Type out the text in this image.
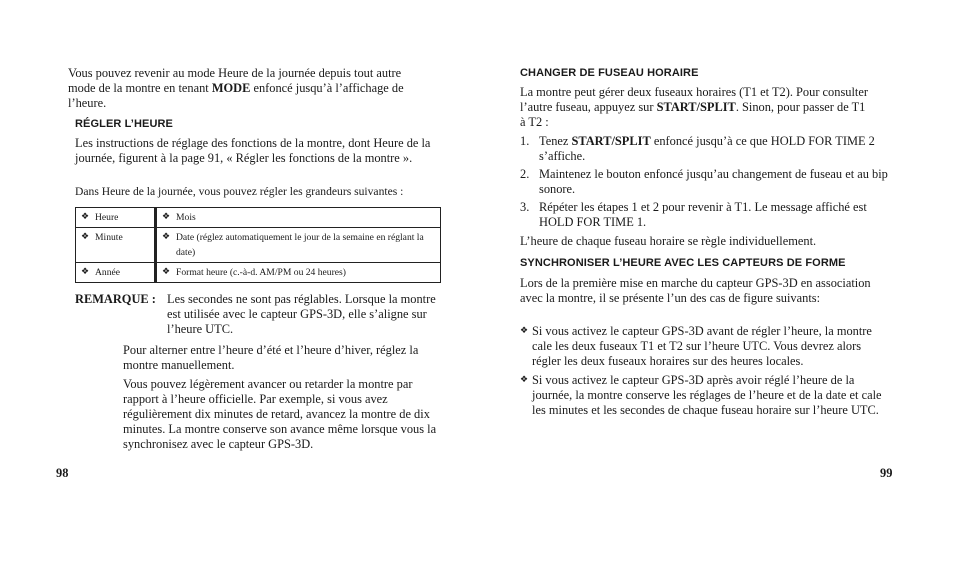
Vous pouvez revenir au mode Heure de la journée depuis tout autre mode de la montre en tenant MODE enfoncé jusqu’à l’affichage de l’heure.

RÉGLER L’HEURE

Les instructions de réglage des fonctions de la montre, dont Heure de la journée, figurent à la page 91, « Régler les fonctions de la montre ».

Dans Heure de la journée, vous pouvez régler les grandeurs suivantes :

❖ Heure	❖ Mois

❖ Minute	❖ Date (réglez automatiquement le jour de la semaine en réglant la date)

❖ Année	❖ Format heure (c.-à-d. AM/PM ou 24 heures)
REMARQUE : Les secondes ne sont pas réglables. Lorsque la montre est utilisée avec le capteur GPS-3D, elle s’aligne sur l’heure UTC.

Pour alterner entre l’heure d’été et l’heure d’hiver, réglez la montre manuellement.

Vous pouvez légèrement avancer ou retarder la montre par rapport à l’heure officielle. Par exemple, si vous avez régulièrement dix minutes de retard, avancez la montre de dix minutes. La montre conserve son avance même lorsque vous la synchronisez avec le capteur GPS-3D.

98
CHANGER DE FUSEAU HORAIRE

La montre peut gérer deux fuseaux horaires (T1 et T2). Pour consulter l’autre fuseau, appuyez sur START/SPLIT. Sinon, pour passer de T1 à T2 :

1. Tenez START/SPLIT enfoncé jusqu’à ce que HOLD FOR TIME 2 s’affiche.
2. Maintenez le bouton enfoncé jusqu’au changement de fuseau et au bip sonore.
3. Répéter les étapes 1 et 2 pour revenir à T1. Le message affiché est HOLD FOR TIME 1.

L’heure de chaque fuseau horaire se règle individuellement.

SYNCHRONISER L’HEURE AVEC LES CAPTEURS DE FORME

Lors de la première mise en marche du capteur GPS-3D en association avec la montre, il se présente l’un des cas de figure suivants:

❖ Si vous activez le capteur GPS-3D avant de régler l’heure, la montre cale les deux fuseaux T1 et T2 sur l’heure UTC. Vous devrez alors régler les deux fuseaux horaires sur des heures locales.
❖ Si vous activez le capteur GPS-3D après avoir réglé l’heure de la journée, la montre conserve les réglages de l’heure et de la date et cale les minutes et les secondes de chaque fuseau horaire sur l’heure UTC.
99
